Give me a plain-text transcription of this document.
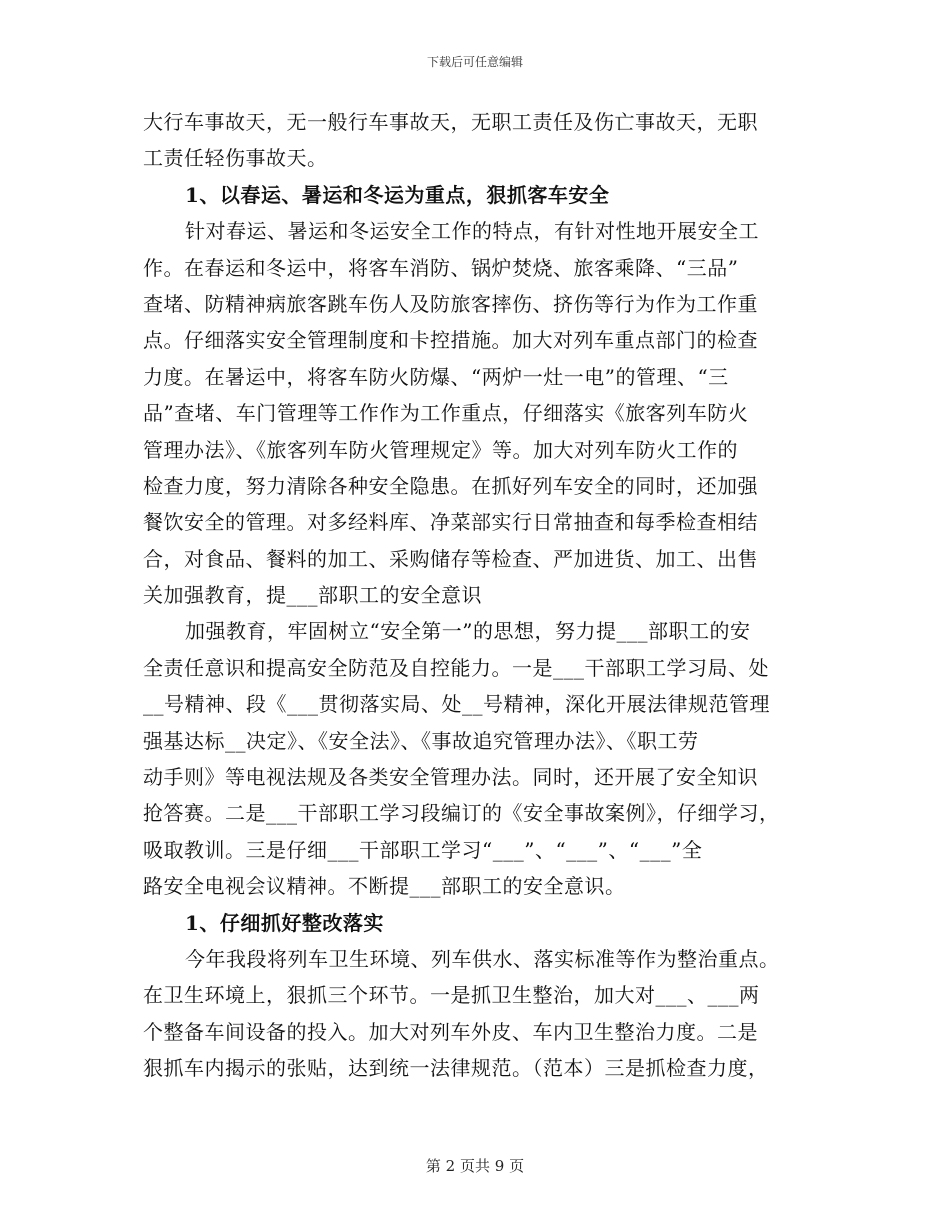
下载后可任意编辑
大行车事故天，无一般行车事故天，无职工责任及伤亡事故天，无职
工责任轻伤事故天。
1、以春运、暑运和冬运为重点，狠抓客车安全
针对春运、暑运和冬运安全工作的特点，有针对性地开展安全工
作。在春运和冬运中，将客车消防、锅炉焚烧、旅客乘降、“三品”
查堵、防精神病旅客跳车伤人及防旅客摔伤、挤伤等行为作为工作重
点。仔细落实安全管理制度和卡控措施。加大对列车重点部门的检查
力度。在暑运中，将客车防火防爆、“两炉一灶一电”的管理、“三
品”查堵、车门管理等工作作为工作重点，仔细落实《旅客列车防火
管理办法》、《旅客列车防火管理规定》等。加大对列车防火工作的
检查力度，努力清除各种安全隐患。在抓好列车安全的同时，还加强
餐饮安全的管理。对多经料库、净菜部实行日常抽查和每季检查相结
合，对食品、餐料的加工、采购储存等检查、严加进货、加工、出售
关加强教育，提___部职工的安全意识
加强教育，牢固树立“安全第一”的思想，努力提___部职工的安
全责任意识和提高安全防范及自控能力。一是___干部职工学习局、处
__号精神、段《___贯彻落实局、处__号精神，深化开展法律规范管理
强基达标__决定》、《安全法》、《事故追究管理办法》、《职工劳
动手则》等电视法规及各类安全管理办法。同时，还开展了安全知识
抢答赛。二是___干部职工学习段编订的《安全事故案例》，仔细学习，
吸取教训。三是仔细___干部职工学习“___”、“___”、“___”全
路安全电视会议精神。不断提___部职工的安全意识。
1、仔细抓好整改落实
今年我段将列车卫生环境、列车供水、落实标准等作为整治重点。
在卫生环境上，狠抓三个环节。一是抓卫生整治，加大对___、___两
个整备车间设备的投入。加大对列车外皮、车内卫生整治力度。二是
狠抓车内揭示的张贴，达到统一法律规范。（范本）三是抓检查力度，
第 2 页共 9 页
